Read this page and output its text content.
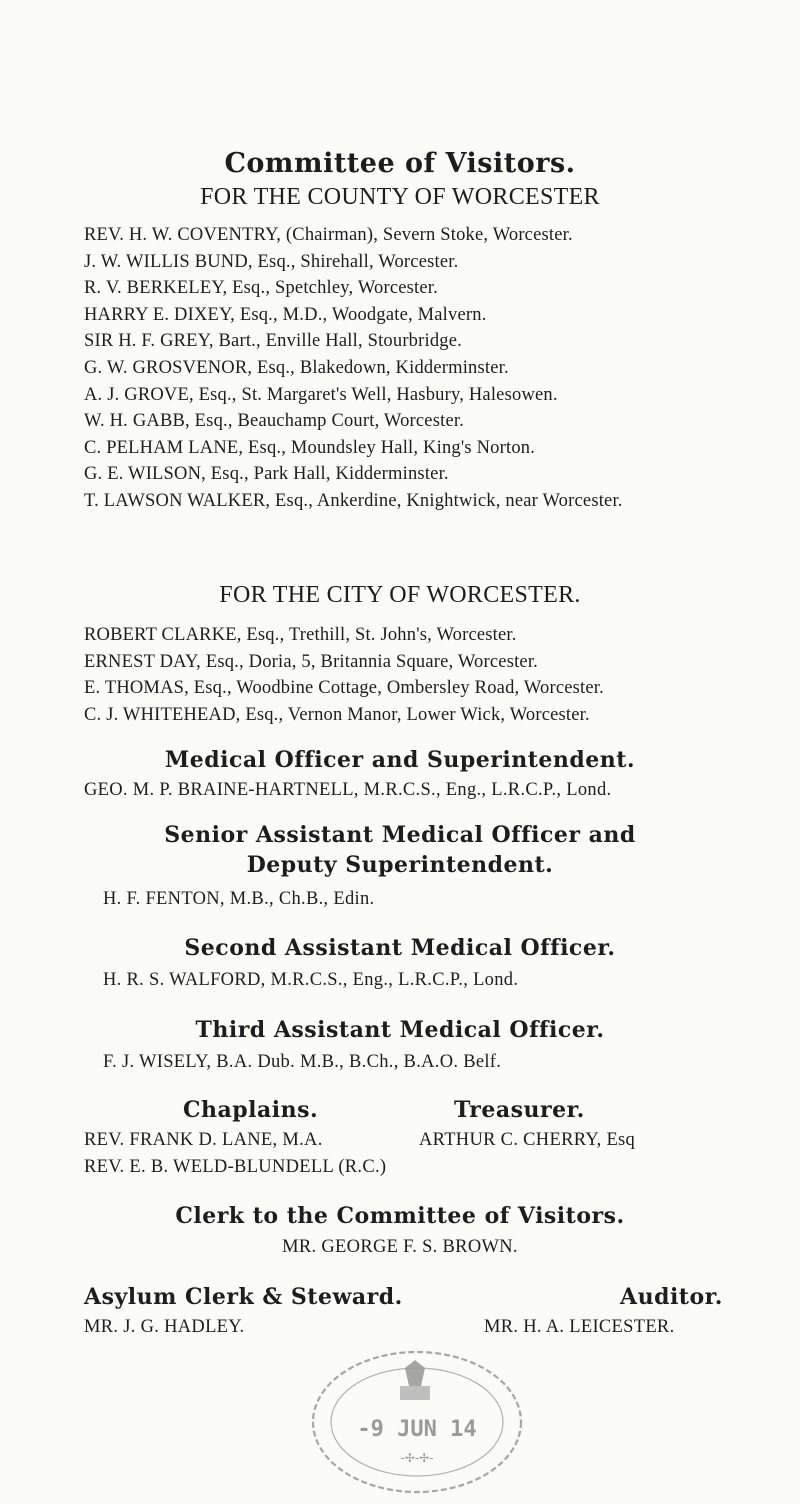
Committee of Visitors.
FOR THE COUNTY OF WORCESTER
REV. H. W. COVENTRY, (Chairman), Severn Stoke, Worcester.
J. W. WILLIS BUND, Esq., Shirehall, Worcester.
R. V. BERKELEY, Esq., Spetchley, Worcester.
HARRY E. DIXEY, Esq., M.D., Woodgate, Malvern.
SIR H. F. GREY, Bart., Enville Hall, Stourbridge.
G. W. GROSVENOR, Esq., Blakedown, Kidderminster.
A. J. GROVE, Esq., St. Margaret's Well, Hasbury, Halesowen.
W. H. GABB, Esq., Beauchamp Court, Worcester.
C. PELHAM LANE, Esq., Moundsley Hall, King's Norton.
G. E. WILSON, Esq., Park Hall, Kidderminster.
T. LAWSON WALKER, Esq., Ankerdine, Knightwick, near Worcester.
FOR THE CITY OF WORCESTER.
ROBERT CLARKE, Esq., Trethill, St. John's, Worcester.
ERNEST DAY, Esq., Doria, 5, Britannia Square, Worcester.
E. THOMAS, Esq., Woodbine Cottage, Ombersley Road, Worcester.
C. J. WHITEHEAD, Esq., Vernon Manor, Lower Wick, Worcester.
Medical Officer and Superintendent.
GEO. M. P. BRAINE-HARTNELL, M.R.C.S., Eng., L.R.C.P., Lond.
Senior Assistant Medical Officer and
Deputy Superintendent.
H. F. FENTON, M.B., Ch.B., Edin.
Second Assistant Medical Officer.
H. R. S. WALFORD, M.R.C.S., Eng., L.R.C.P., Lond.
Third Assistant Medical Officer.
F. J. WISELY, B.A. Dub. M.B., B.Ch., B.A.O. Belf.
Chaplains.	Treasurer.
REV. FRANK D. LANE, M.A.	ARTHUR C. CHERRY, Esq
REV. E. B. WELD-BLUNDELL (R.C.)
Clerk to the Committee of Visitors.
MR. GEORGE F. S. BROWN.
Asylum Clerk & Steward.	Auditor.
MR. J. G. HADLEY.	MR. H. A. LEICESTER.
-9 JUN 14
-✢-✢-
